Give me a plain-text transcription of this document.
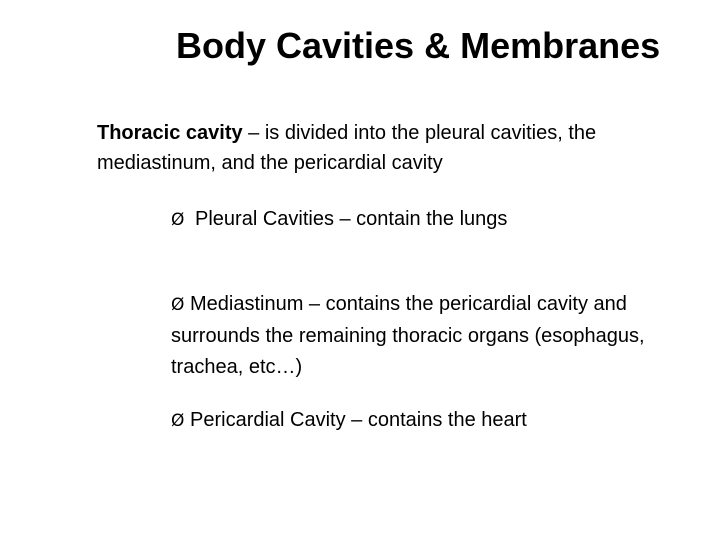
Body Cavities & Membranes

Thoracic cavity – is divided into the pleural cavities, the mediastinum, and the pericardial cavity

Ø Pleural Cavities – contain the lungs

Ø Mediastinum – contains the pericardial cavity and surrounds the remaining thoracic organs (esophagus, trachea, etc…)

Ø Pericardial Cavity – contains the heart
